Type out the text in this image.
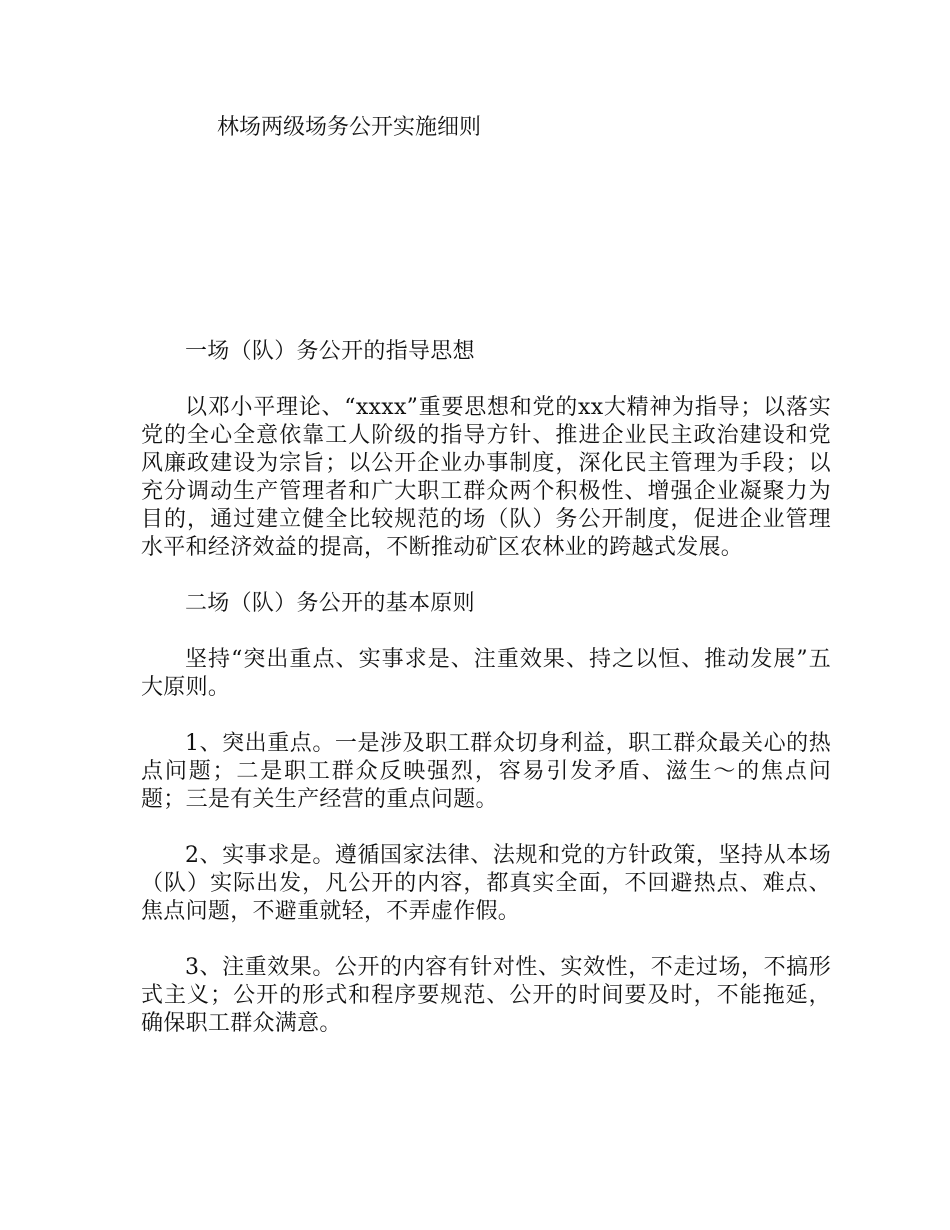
林场两级场务公开实施细则

一场（队）务公开的指导思想

以邓小平理论、“xxxx”重要思想和党的xx大精神为指导；以落实党的全心全意依靠工人阶级的指导方针、推进企业民主政治建设和党风廉政建设为宗旨；以公开企业办事制度，深化民主管理为手段；以充分调动生产管理者和广大职工群众两个积极性、增强企业凝聚力为目的，通过建立健全比较规范的场（队）务公开制度，促进企业管理水平和经济效益的提高，不断推动矿区农林业的跨越式发展。

二场（队）务公开的基本原则

坚持“突出重点、实事求是、注重效果、持之以恒、推动发展”五大原则。

1、突出重点。一是涉及职工群众切身利益，职工群众最关心的热点问题；二是职工群众反映强烈，容易引发矛盾、滋生～的焦点问题；三是有关生产经营的重点问题。

2、实事求是。遵循国家法律、法规和党的方针政策，坚持从本场（队）实际出发，凡公开的内容，都真实全面，不回避热点、难点、焦点问题，不避重就轻，不弄虚作假。

3、注重效果。公开的内容有针对性、实效性，不走过场，不搞形式主义；公开的形式和程序要规范、公开的时间要及时，不能拖延，确保职工群众满意。
